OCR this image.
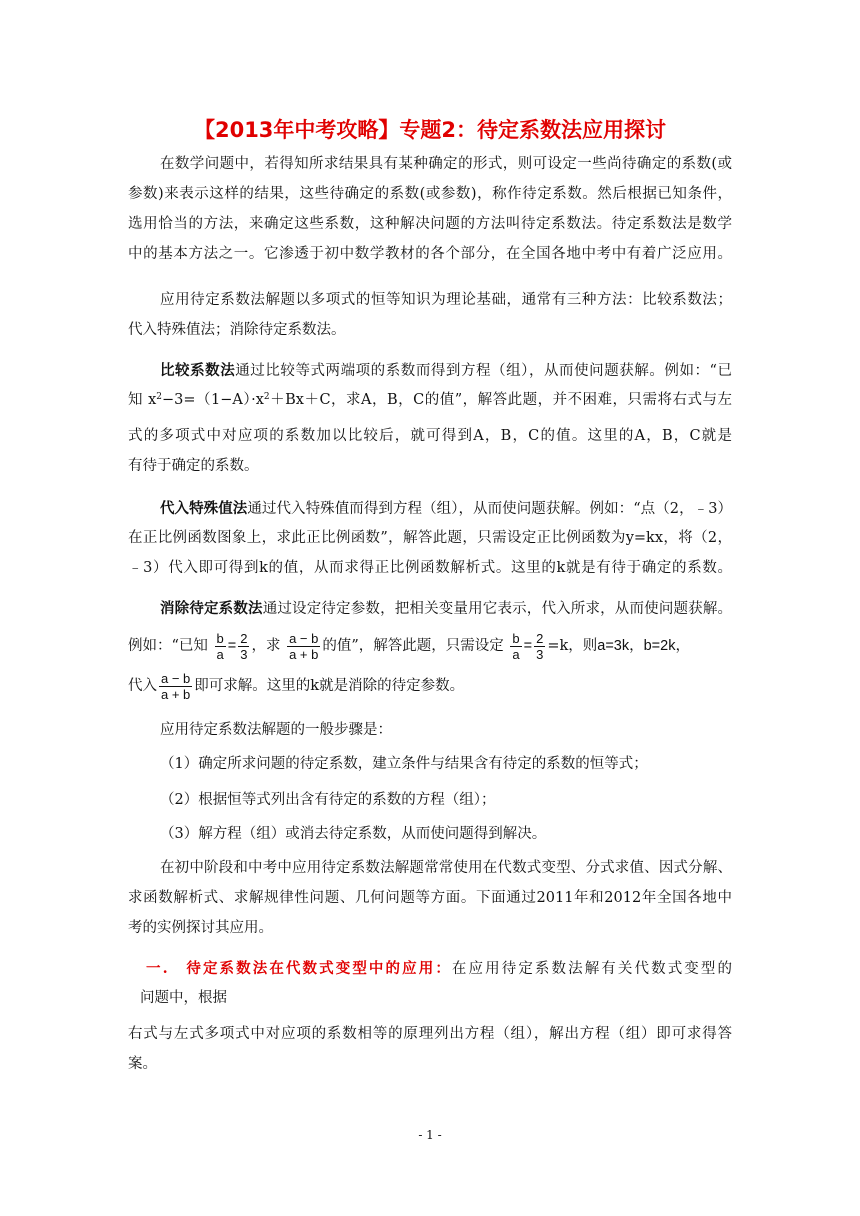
【2013年中考攻略】专题2：待定系数法应用探讨

在数学问题中，若得知所求结果具有某种确定的形式，则可设定一些尚待确定的系数(或

参数)来表示这样的结果，这些待确定的系数(或参数)，称作待定系数。然后根据已知条件，

选用恰当的方法，来确定这些系数，这种解决问题的方法叫待定系数法。待定系数法是数学

中的基本方法之一。它渗透于初中数学教材的各个部分，在全国各地中考中有着广泛应用。

应用待定系数法解题以多项式的恒等知识为理论基础，通常有三种方法：比较系数法；

代入特殊值法；消除待定系数法。

比较系数法通过比较等式两端项的系数而得到方程（组），从而使问题获解。例如：“已

知 $x^2-3=(1-A)\cdot x^2+Bx+C$，求A，B，C的值”，解答此题，并不困难，只需将右式与左

式的多项式中对应项的系数加以比较后，就可得到A，B，C的值。这里的A，B，C就是

有待于确定的系数。

代入特殊值法通过代入特殊值而得到方程（组），从而使问题获解。例如：“点（2，﹣3）

在正比例函数图象上，求此正比例函数”，解答此题，只需设定正比例函数为y=kx，将（2，

﹣3）代入即可得到k的值，从而求得正比例函数解析式。这里的k就是有待于确定的系数。

消除待定系数法通过设定待定参数，把相关变量用它表示，代入所求，从而使问题获解。

例如：“已知 $\frac{b}{a} = \frac{2}{3}$ ，求 $\frac{a - b}{a + b}$ 的值”，解答此题，只需设定 $\frac{b}{a} = \frac{2}{3} =k$，则a=3k，b=2k，

代入 $\frac{a - b}{a + b}$ 即可求解。这里的k就是消除的待定参数。

应用待定系数法解题的一般步骤是：

（1）确定所求问题的待定系数，建立条件与结果含有待定的系数的恒等式；

（2）根据恒等式列出含有待定的系数的方程（组）；

（3）解方程（组）或消去待定系数，从而使问题得到解决。

在初中阶段和中考中应用待定系数法解题常常使用在代数式变型、分式求值、因式分解、

求函数解析式、求解规律性问题、几何问题等方面。下面通过2011年和2012年全国各地中

考的实例探讨其应用。

一.　待定系数法在代数式变型中的应用：在应用待定系数法解有关代数式变型的

问题中，根据

右式与左式多项式中对应项的系数相等的原理列出方程（组），解出方程（组）即可求得答

案。

- 1 -
